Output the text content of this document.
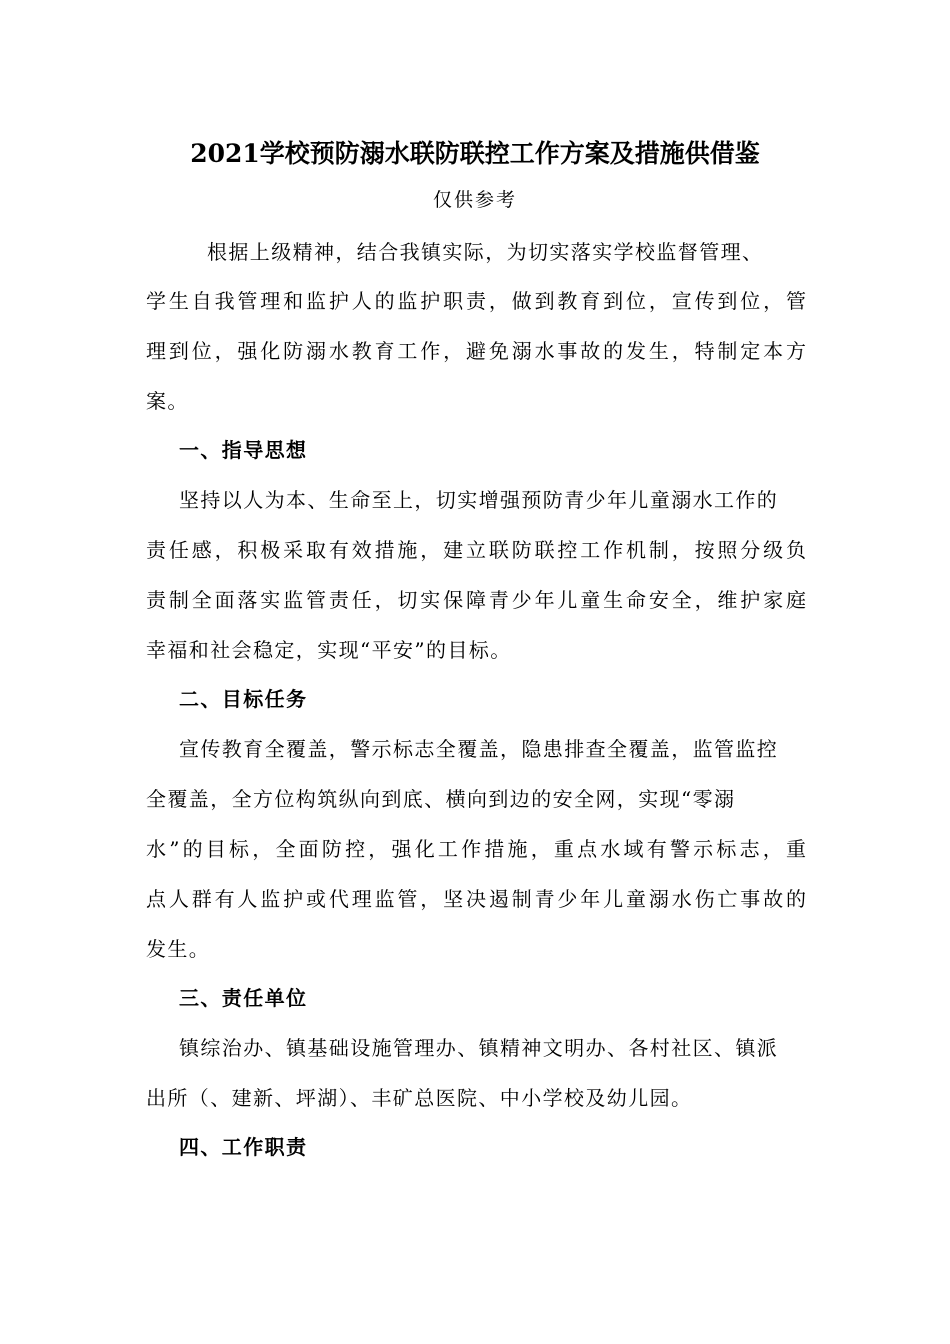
2021学校预防溺水联防联控工作方案及措施供借鉴
仅供参考
根据上级精神，结合我镇实际，为切实落实学校监督管理、
学生自我管理和监护人的监护职责，做到教育到位，宣传到位，管
理到位，强化防溺水教育工作，避免溺水事故的发生，特制定本方
案。
一、指导思想
坚持以人为本、生命至上，切实增强预防青少年儿童溺水工作的
责任感，积极采取有效措施，建立联防联控工作机制，按照分级负
责制全面落实监管责任，切实保障青少年儿童生命安全，维护家庭
幸福和社会稳定，实现“平安”的目标。
二、目标任务
宣传教育全覆盖，警示标志全覆盖，隐患排查全覆盖，监管监控
全覆盖，全方位构筑纵向到底、横向到边的安全网，实现“零溺
水”的目标，全面防控，强化工作措施，重点水域有警示标志，重
点人群有人监护或代理监管，坚决遏制青少年儿童溺水伤亡事故的
发生。
三、责任单位
镇综治办、镇基础设施管理办、镇精神文明办、各村社区、镇派
出所（、建新、坪湖）、丰矿总医院、中小学校及幼儿园。
四、工作职责
